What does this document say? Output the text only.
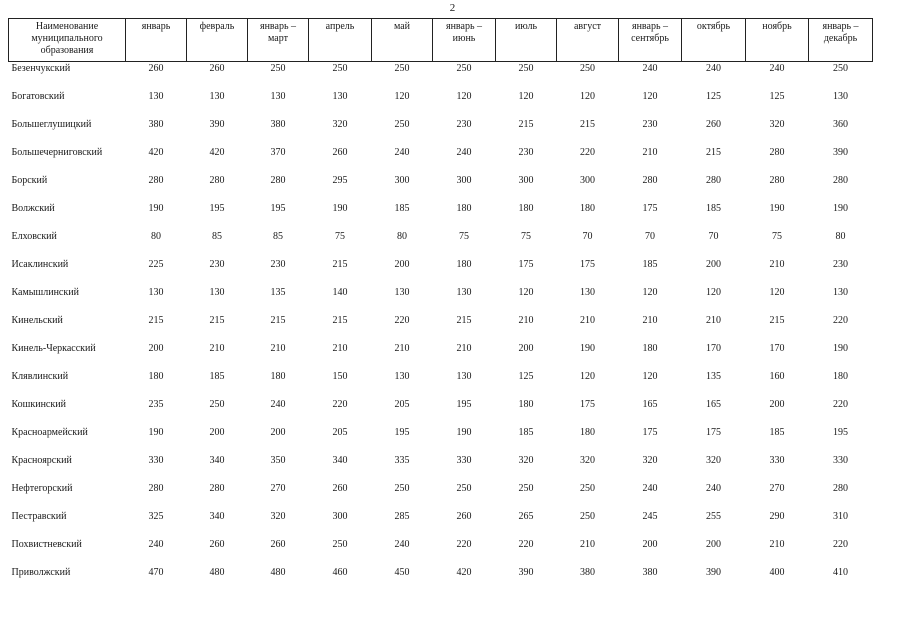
2
Наименование муниципального образования	январь	февраль	январь – март	апрель	май	январь – июнь	июль	август	январь – сентябрь	октябрь	ноябрь	январь – декабрь
Безенчукский	260	260	250	250	250	250	250	250	240	240	240	250
Богатовский	130	130	130	130	120	120	120	120	120	125	125	130
Большеглушицкий	380	390	380	320	250	230	215	215	230	260	320	360
Большечерниговский	420	420	370	260	240	240	230	220	210	215	280	390
Борский	280	280	280	295	300	300	300	300	280	280	280	280
Волжский	190	195	195	190	185	180	180	180	175	185	190	190
Елховский	80	85	85	75	80	75	75	70	70	70	75	80
Исаклинский	225	230	230	215	200	180	175	175	185	200	210	230
Камышлинский	130	130	135	140	130	130	120	130	120	120	120	130
Кинельский	215	215	215	215	220	215	210	210	210	210	215	220
Кинель-Черкасский	200	210	210	210	210	210	200	190	180	170	170	190
Клявлинский	180	185	180	150	130	130	125	120	120	135	160	180
Кошкинский	235	250	240	220	205	195	180	175	165	165	200	220
Красноармейский	190	200	200	205	195	190	185	180	175	175	185	195
Красноярский	330	340	350	340	335	330	320	320	320	320	330	330
Нефтегорский	280	280	270	260	250	250	250	250	240	240	270	280
Пестравский	325	340	320	300	285	260	265	250	245	255	290	310
Похвистневский	240	260	260	250	240	220	220	210	200	200	210	220
Приволжский	470	480	480	460	450	420	390	380	380	390	400	410
